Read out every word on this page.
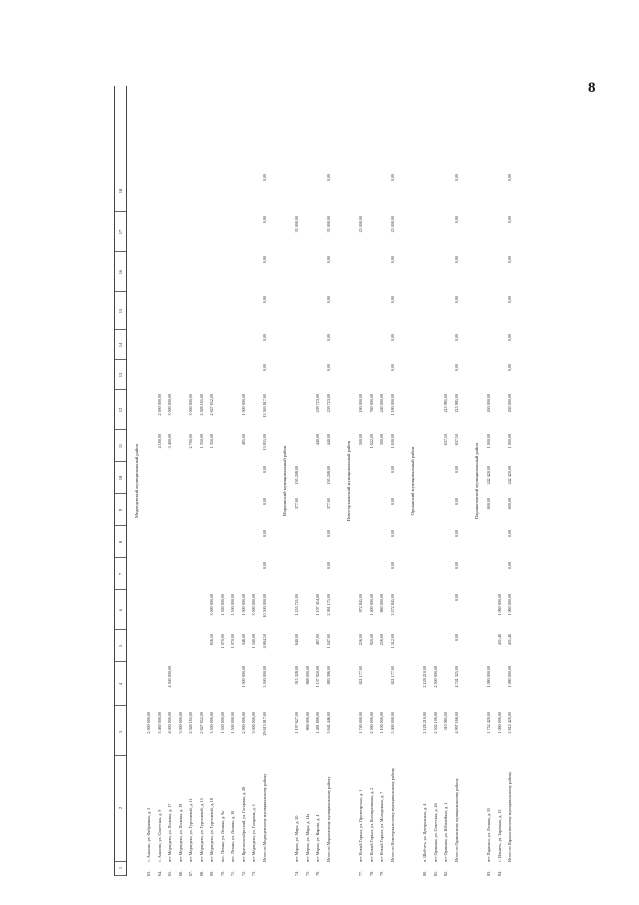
8
1
2
3
4
5
6
7
8
9
10
11
12
13
14
15
16
17
18
Медведевский муниципальный район
63.
с. Азаново, ул. Фабричная, д. 3
2 000 000,00
64.
с. Азаново, ул. Советская, д. 9
3 460 000,00
4 180,00
2 000 000,00
65.
пгт Медведево, ул. Полевая, д. 17
4 000 000,00
4 500 000,00
3 400,00
3 000 000,00
66.
пгт Медведево, ул. Полевая, д. 19
3 000 000,00
67.
пгт Медведево, ул. Тургеневой, д. 11
2 026 165,00
2 700,00
3 000 000,00
68.
пгт Медведево, ул. Тургеневой, д. 15
2 627 652,00
1 350,00
2 026 165,00
69.
пгт Медведево, ул. Тургеневой, д. 18
3 500 000,00
856,50
3 000 000,00
1 350,00
2 627 652,00
70.
пос. Пекша, ул. Ленина, д. 9а
1 500 000,00
1 070,00
1 500 000,00
71.
пос. Пекша, ул. Ленина, д. 10
1 500 000,00
1 070,00
1 500 000,00
72.
пгт Краснооктябрьский, ул. Гагарина, д. 28
2 000 000,00
1 000 000,00
348,00
1 000 000,00
495,00
1 000 000,00
73.
пгт Медведево, ул. Гагарина, д. 5
3 000 000,00
1 340,00
3 000 000,00
Итого по Медведевскому муниципальному району
29 613 817,00
5 500 000,00
4 684,50
10 500 000,00
0,00
0,00
0,00
0,00
13 855,00
13 563 817,00
0,00
0,00
0,00
0,00
0,00
0,00
Моркинский муниципальный район
74.
пгт Морки, ул. Мира, д. 20
1 197 627,00
915 328,00
640,00
1 255 721,00
377,00
195 208,00
35 000,00
75.
пгт Морки, ул. Мира, д. 14а
868 000,00
868 000,00
76.
пгт Морки, ул. Кирова, д. 4
1 481 899,00
1 137 920,00
487,00
1 107 454,00
440,00
239 723,00
Итого по Моркинскому муниципальному району
3 641 446,00
883 396,00
1 047,00
2 361 175,00
0,00
0,00
377,00
195 208,00
440,00
239 723,00
0,00
0,00
0,00
0,00
35 000,00
0,00
Новоторъяльский муниципальный район
77.
пгт Новый Торъял, ул. Пролетарская, д. 1
1 740 000,00
621 177,00
256,00
972 845,00
300,00
180 000,00
25 000,00
78.
пгт Новый Торъял, ул. Кооперативная, д. 2
2 560 000,00
920,00
1 400 000,00
1 022,00
760 000,00
79.
пгт Новый Торъял, ул. Молодежная, д. 7
1 100 000,00
256,00
860 000,00
300,00
240 000,00
Итого по Новоторъяльскому муниципальному району
5 400 000,00
621 177,00
1 512,00
3 272 845,00
0,00
0,00
0,00
0,00
1 630,00
1 180 000,00
0,00
0,00
0,00
0,00
25 000,00
0,00
Оршанский муниципальный район
80.
п. Шой-ять, ул. Центральная, д. 4
2 128 210,00
2 128 210,00
81.
пгт Оршанка, ул. Советская, д. 4б
2 502 100,00
2 500 000,00
82.
пгт Оршанка, ул. Юбилейная, д. 1
310 985,00
637,50
215 985,00
Итого по Оршанскому муниципальному району
4 997 166,00
4 741 325,00
0,00
0,00
0,00
0,00
0,00
0,00
637,50
215 985,00
0,00
0,00
0,00
0,00
0,00
0,00
Параньгинский муниципальный район
83.
пгт Параньга, ул. Ленина, д. 35
1 752 420,00
1 080 000,00
600,00
242 420,00
1 000,00
430 000,00
84.
с. Ильнеть, ул. Зарячная, д. 13
1 060 000,00
431,40
1 060 000,00
Итого по Параньгинскому муниципальному району
2 812 420,00
1 080 000,00
431,40
1 060 000,00
0,00
0,00
600,00
242 420,00
1 000,00
430 000,00
0,00
0,00
0,00
0,00
0,00
0,00
